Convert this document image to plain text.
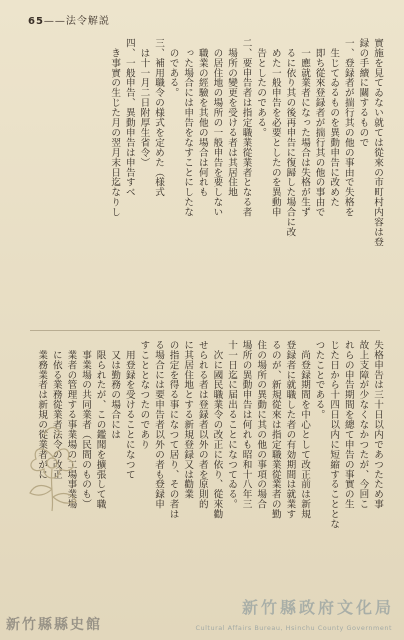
65——法令解説
實施を見てゐない就ては從來の市町村内容は登
録の手續に關するもので
一、登録者が揣行其の他の事由で失格を
　生じてゐるものを異動申告に改めた
　即ち從來登録者が揣行其の他の事由で
　一應就業者になった場合は失格が生ず
　るに依り其の後再申告に復歸した場合に改
　めた一般申告を必要としたのを異動申
　告としたのである。
二、要申告者は指定職業從業者となる者
　場所の變更を受ける者は其居住地
　の居住地の場所の一般申告を要しない
　職業の經驗を其他の場合は何れも
　った場合には申告をなすことにしたな
　のである。
三、補用職令の様式を定めた（様式
　は十一月二日附厚生省令）
四、一般申告、異動申告は申告すべ
　き事實の生じた月の翌月末日迄なりし
失格申告は三十日以内であつたため事
故上支障が少なくなかつたが、今回こ
れらの申告期間を總て申告の事實の生
じた日から十四日以内に短縮することとな
つたことである。
　尚登録期間を中心として改正前は新規
登録者に就職した者の有効期間は就業す
るのが、新規從來は指定職業從業者の勤
住の場所の異動に其の他の事項の場合
場所の異動申告は何れも昭和十八年三
十一日迄に届出ることになつてゐる。
　次に國民職業令の改正に依り、從來勸
せられる者は登録者以外の者を原則的
に其居住地とする新規登録又は勸業
の指定を得る事になつて居り、その者は
る場合には要申告者以外の者も登録申
すこととなつたのであり
　用登録を受けることになつて
　又は勤務の場合には
　限られたが、この鑑聞を擴張して職
　事業場の共同業者（民間のものも）
　業者の管理する事業場の工場事業場
　に依る業務從業者法令の改正
　業務業者は新規の從業者がに
新竹縣政府文化局
Cultural Affairs Bureau, Hsinchu County Government
新竹縣縣史館
